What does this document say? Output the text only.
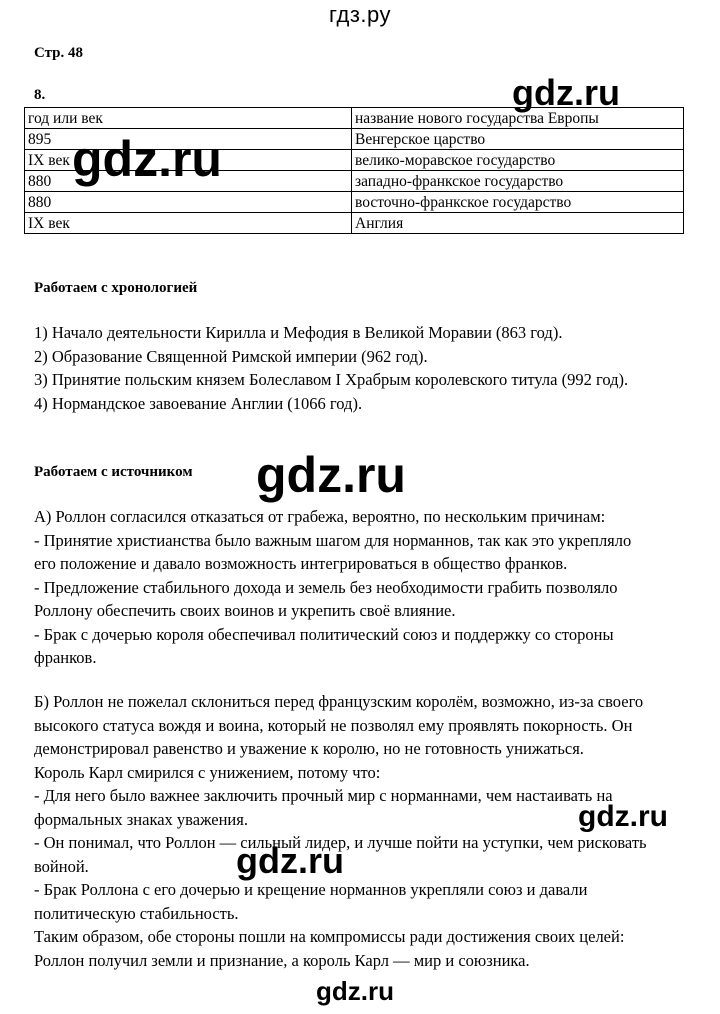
гдз.ру
Стр. 48
8.
год или век	название нового государства Европы
895	Венгерское царство
IX век	велико-моравское государство
880	западно-франкское государство
880	восточно-франкское государство
IX век	Англия
Работаем с хронологией
1) Начало деятельности Кирилла и Мефодия в Великой Моравии (863 год).
2) Образование Священной Римской империи (962 год).
3) Принятие польским князем Болеславом I Храбрым королевского титула (992 год).
4) Нормандское завоевание Англии (1066 год).
Работаем с источником
А) Роллон согласился отказаться от грабежа, вероятно, по нескольким причинам:
- Принятие христианства было важным шагом для норманнов, так как это укрепляло
его положение и давало возможность интегрироваться в общество франков.
- Предложение стабильного дохода и земель без необходимости грабить позволяло
Роллону обеспечить своих воинов и укрепить своё влияние.
- Брак с дочерью короля обеспечивал политический союз и поддержку со стороны
франков.
Б) Роллон не пожелал склониться перед французским королём, возможно, из-за своего
высокого статуса вождя и воина, который не позволял ему проявлять покорность. Он
демонстрировал равенство и уважение к королю, но не готовность унижаться.
Король Карл смирился с унижением, потому что:
- Для него было важнее заключить прочный мир с норманнами, чем настаивать на
формальных знаках уважения.
- Он понимал, что Роллон — сильный лидер, и лучше пойти на уступки, чем рисковать
войной.
- Брак Роллона с его дочерью и крещение норманнов укрепляли союз и давали
политическую стабильность.
Таким образом, обе стороны пошли на компромиссы ради достижения своих целей:
Роллон получил земли и признание, а король Карл — мир и союзника.
gdz.ru
gdz.ru
gdz.ru
gdz.ru
gdz.ru
gdz.ru
